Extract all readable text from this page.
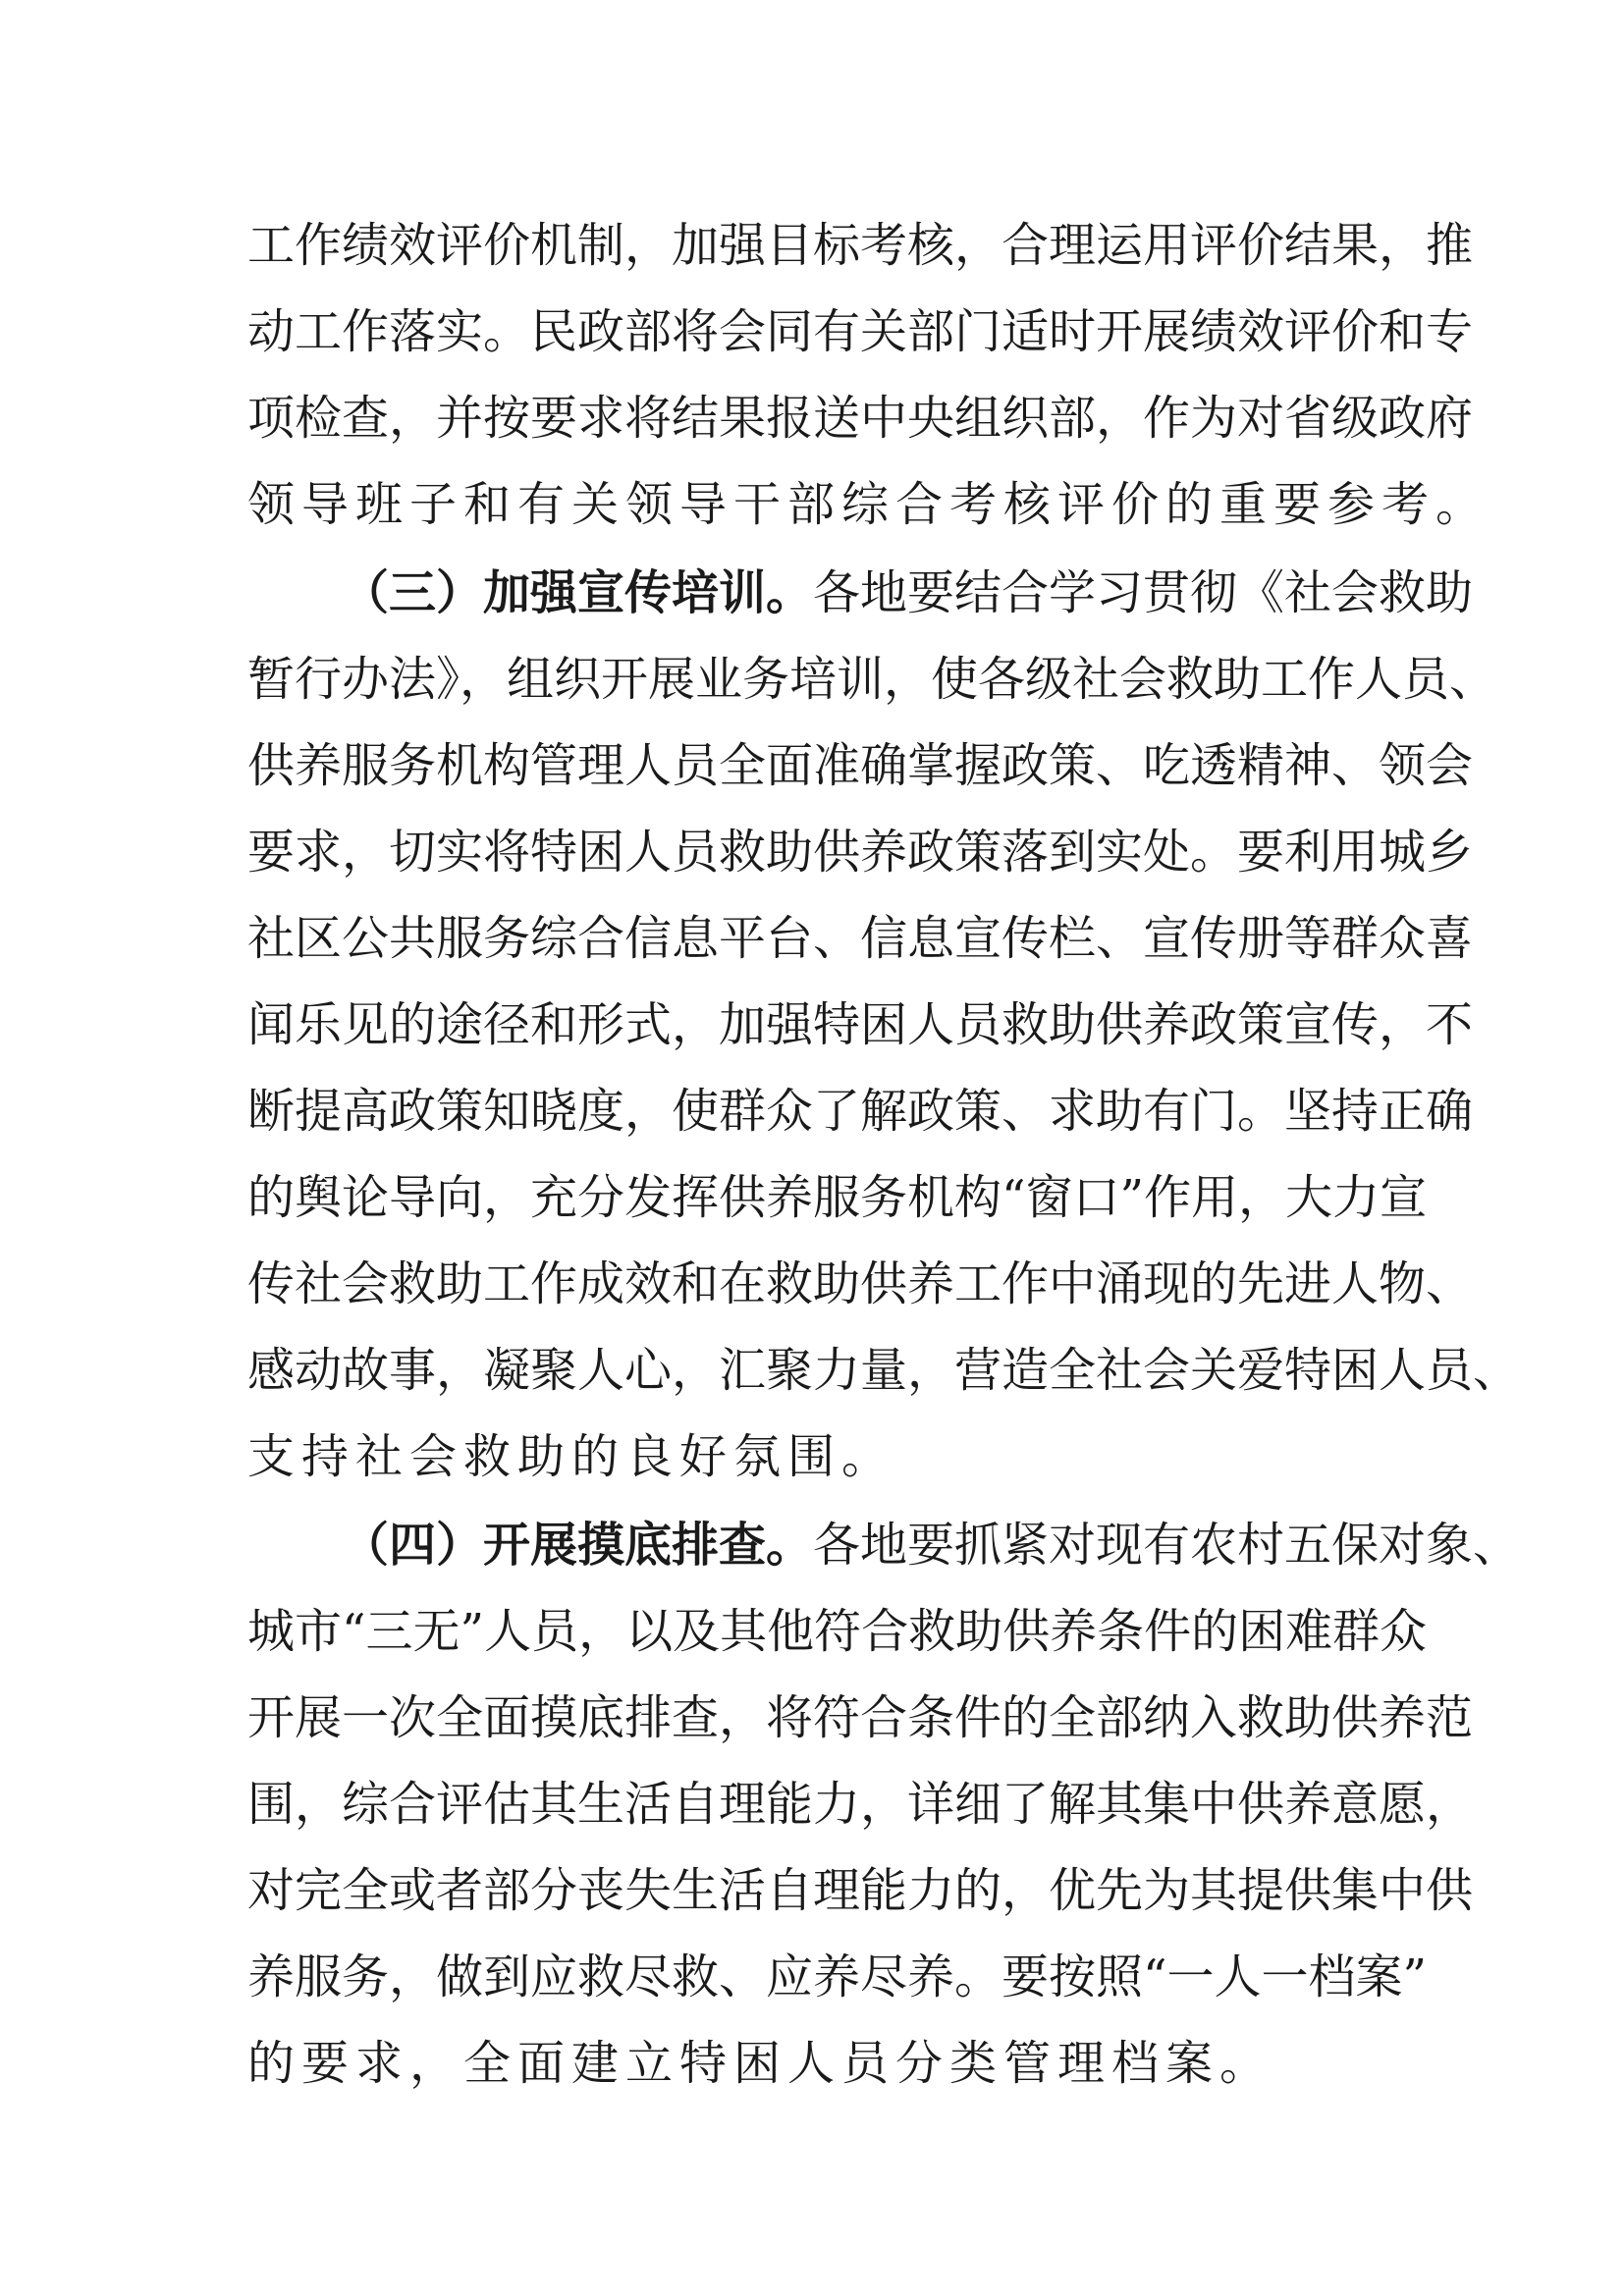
工作绩效评价机制，加强目标考核，合理运用评价结果，推
动工作落实。民政部将会同有关部门适时开展绩效评价和专
项检查，并按要求将结果报送中央组织部，作为对省级政府
领导班子和有关领导干部综合考核评价的重要参考。
（三）加强宣传培训。各地要结合学习贯彻《社会救助
暂行办法》，组织开展业务培训，使各级社会救助工作人员、
供养服务机构管理人员全面准确掌握政策、吃透精神、领会
要求，切实将特困人员救助供养政策落到实处。要利用城乡
社区公共服务综合信息平台、信息宣传栏、宣传册等群众喜
闻乐见的途径和形式，加强特困人员救助供养政策宣传，不
断提高政策知晓度，使群众了解政策、求助有门。坚持正确
的舆论导向，充分发挥供养服务机构“窗口”作用，大力宣
传社会救助工作成效和在救助供养工作中涌现的先进人物、
感动故事，凝聚人心，汇聚力量，营造全社会关爱特困人员、
支持社会救助的良好氛围。
（四）开展摸底排查。各地要抓紧对现有农村五保对象、
城市“三无”人员，以及其他符合救助供养条件的困难群众
开展一次全面摸底排查，将符合条件的全部纳入救助供养范
围，综合评估其生活自理能力，详细了解其集中供养意愿，
对完全或者部分丧失生活自理能力的，优先为其提供集中供
养服务，做到应救尽救、应养尽养。要按照“一人一档案”
的要求，全面建立特困人员分类管理档案。
